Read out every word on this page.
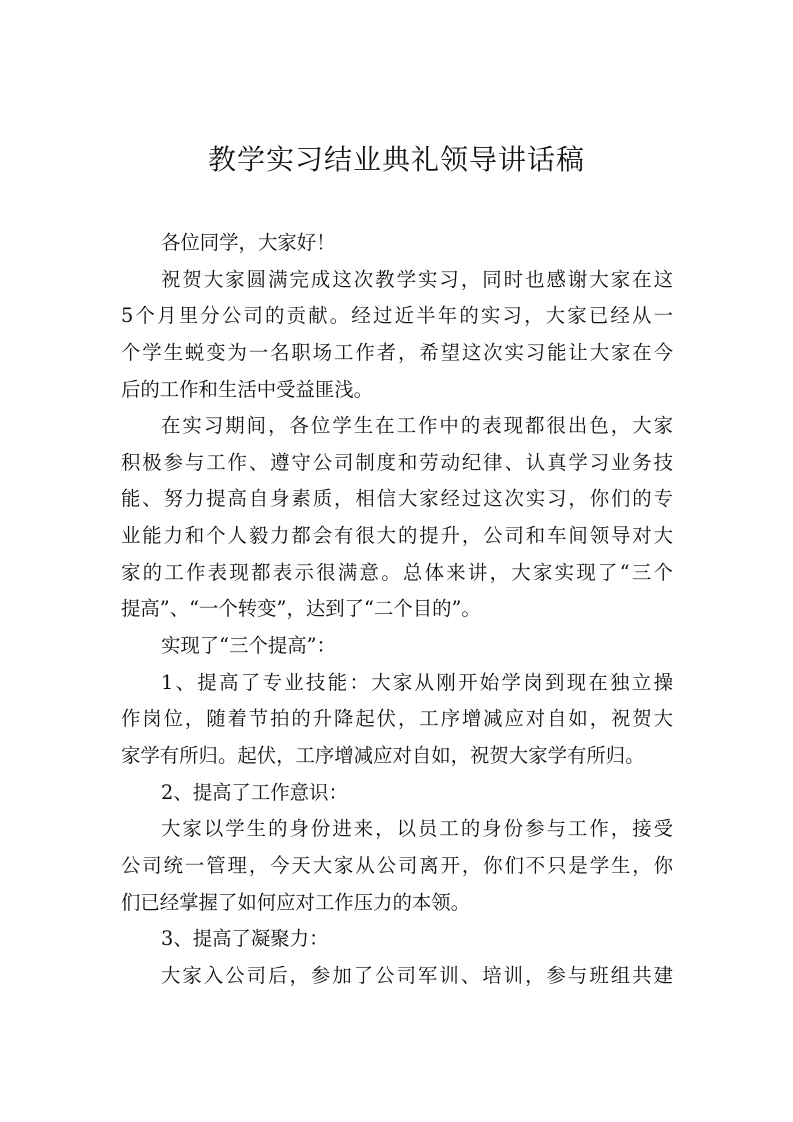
教学实习结业典礼领导讲话稿
各位同学，大家好！
祝贺大家圆满完成这次教学实习，同时也感谢大家在这
5个月里分公司的贡献。经过近半年的实习，大家已经从一
个学生蜕变为一名职场工作者，希望这次实习能让大家在今
后的工作和生活中受益匪浅。
在实习期间，各位学生在工作中的表现都很出色，大家
积极参与工作、遵守公司制度和劳动纪律、认真学习业务技
能、努力提高自身素质，相信大家经过这次实习，你们的专
业能力和个人毅力都会有很大的提升，公司和车间领导对大
家的工作表现都表示很满意。总体来讲，大家实现了“三个
提高”、“一个转变”，达到了“二个目的”。
实现了“三个提高”：
1、提高了专业技能：大家从刚开始学岗到现在独立操
作岗位，随着节拍的升降起伏，工序增减应对自如，祝贺大
家学有所归。起伏，工序增减应对自如，祝贺大家学有所归。
2、提高了工作意识：
大家以学生的身份进来，以员工的身份参与工作，接受
公司统一管理，今天大家从公司离开，你们不只是学生，你
们已经掌握了如何应对工作压力的本领。
3、提高了凝聚力：
大家入公司后，参加了公司军训、培训，参与班组共建
